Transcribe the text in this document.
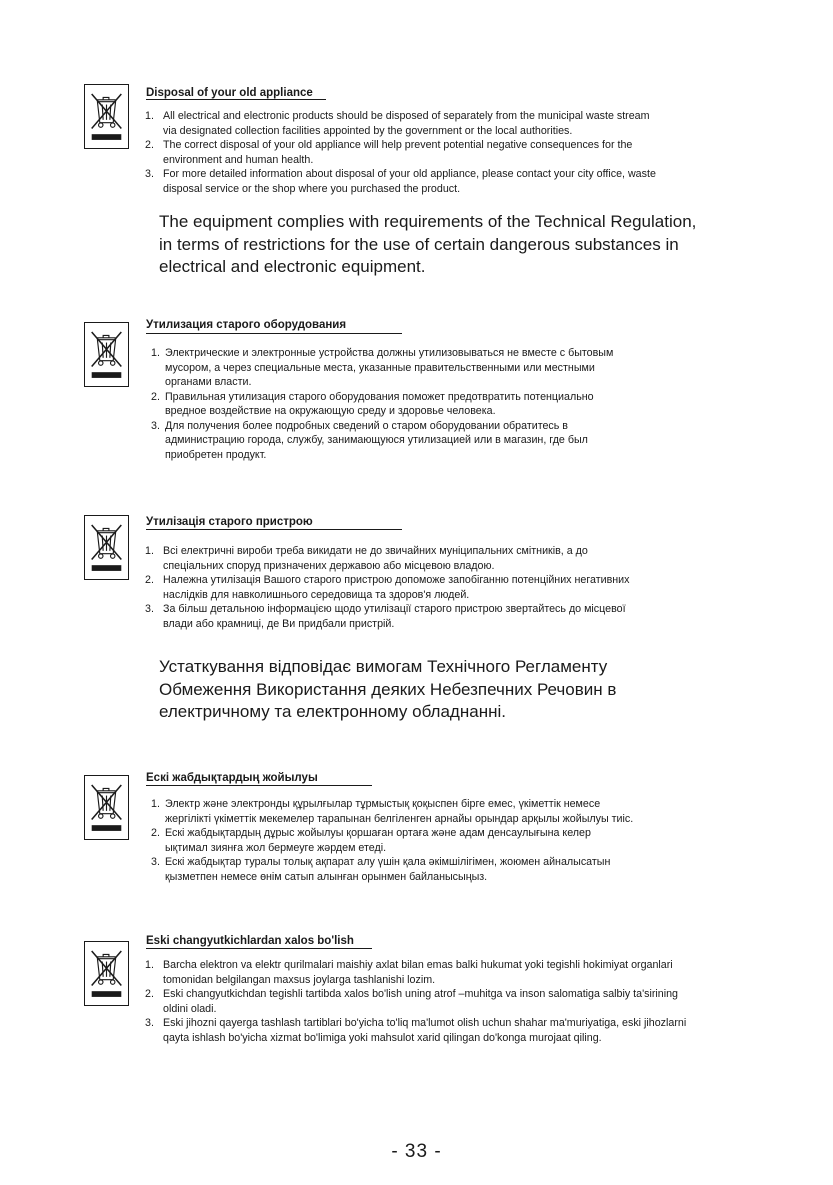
Disposal of your old appliance
1. All electrical and electronic products should be disposed of separately from the municipal waste stream
via designated collection facilities appointed by the government or the local authorities.
2. The correct disposal of your old appliance will help prevent potential negative consequences for the
environment and human health.
3. For more detailed information about disposal of your old appliance, please contact your city office, waste
disposal service or the shop where you purchased the product.

The equipment complies with requirements of the Technical Regulation,
in terms of restrictions for the use of certain dangerous substances in
electrical and electronic equipment.

Утилизация старого оборудования
1. Электрические и электронные устройства должны утилизовываться не вместе с бытовым
мусором, а через специальные места, указанные правительственными или местными
органами власти.
2. Правильная утилизация старого оборудования поможет предотвратить потенциально
вредное воздействие на окружающую среду и здоровье человека.
3. Для получения более подробных сведений о старом оборудовании обратитесь в
администрацию города, службу, занимающуюся утилизацией или в магазин, где был
приобретен продукт.
Утилізація старого пристрою
1. Всі електричні вироби треба викидати не до звичайних муніципальних смітників, а до
спеціальних споруд призначених державою або місцевою владою.
2. Належна утилізація Вашого старого пристрою допоможе запобіганню потенційних негативних
наслідків для навколишнього середовища та здоров'я людей.
3. За більш детальною інформацією щодо утилізації старого пристрою звертайтесь до місцевої
влади або крамниці, де Ви придбали пристрій.

Устаткування відповідає вимогам Технічного Регламенту
Обмеження Використання деяких Небезпечних Речовин в
електричному та електронному обладнанні.

Ескі жабдықтардың жойылуы
1. Электр және электронды құрылғылар тұрмыстық қоқыспен бірге емес, үкіметтік немесе
жергілікті үкіметтік мекемелер тарапынан белгіленген арнайы орындар арқылы жойылуы тиіс.
2. Ескі жабдықтардың дұрыс жойылуы қоршаған ортаға және адам денсаулығына келер
ықтимал зиянға жол бермеуге жәрдем етеді.
3. Ескі жабдықтар туралы толық ақпарат алу үшін қала әкімшілігімен, жоюмен айналысатын
қызметпен немесе өнім сатып алынған орынмен байланысыңыз.
Eski changyutkichlardan xalos bo'lish
1. Barcha elektron va elektr qurilmalari maishiy axlat bilan emas balki hukumat yoki tegishli hokimiyat organlari
tomonidan belgilangan maxsus joylarga tashlanishi lozim.
2. Eski changyutkichdan tegishli tartibda xalos bo'lish uning atrof –muhitga va inson salomatiga salbiy ta'sirining
oldini oladi.
3. Eski jihozni qayerga tashlash tartiblari bo'yicha to'liq ma'lumot olish uchun shahar ma'muriyatiga, eski jihozlarni
qayta ishlash bo'yicha xizmat bo'limiga yoki mahsulot xarid qilingan do'konga murojaat qiling.
- 33 -
